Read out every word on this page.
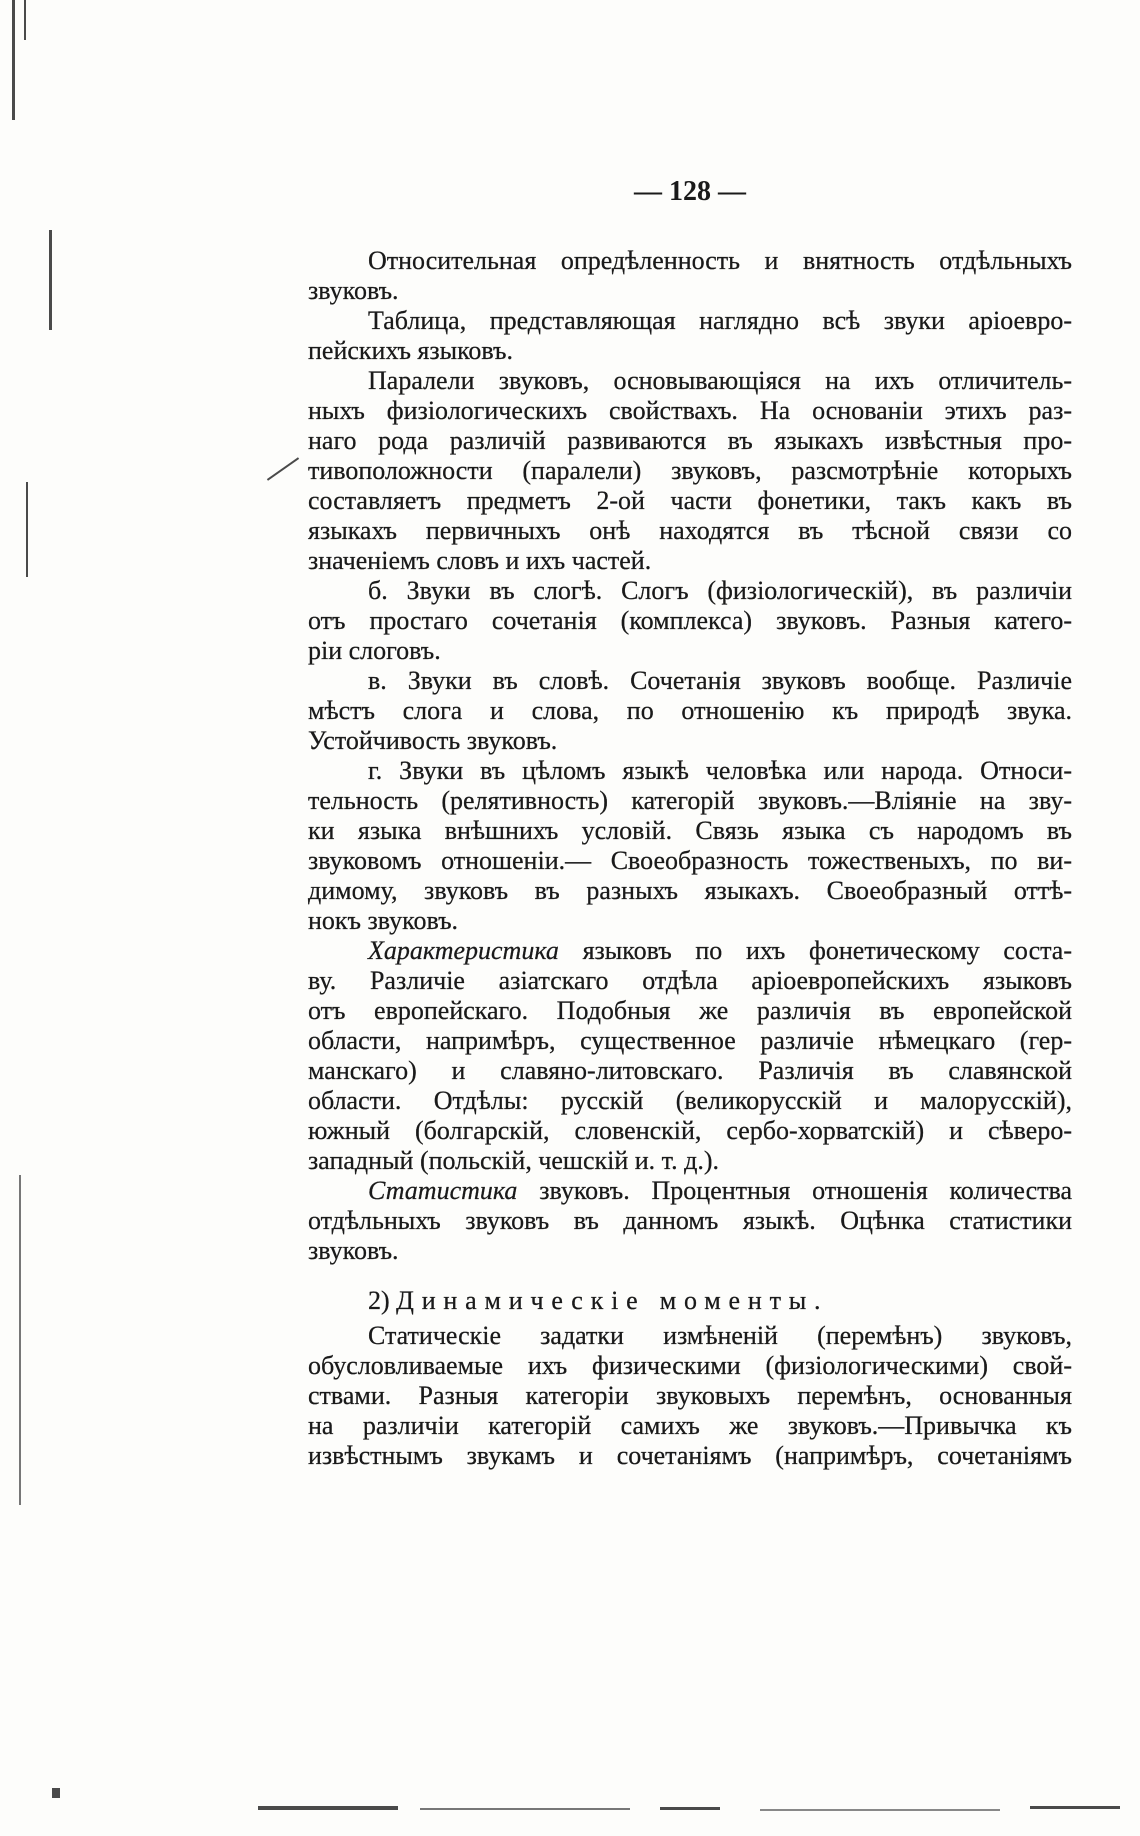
— 128 —
Относительная опредѣленность и внятность отдѣльныхъ
звуковъ.
Таблица, представляющая наглядно всѣ звуки аріоевро-
пейскихъ языковъ.
Паралели звуковъ, основывающіяся на ихъ отличитель-
ныхъ физіологическихъ свойствахъ. На основаніи этихъ раз-
наго рода различій развиваются въ языкахъ извѣстныя про-
тивоположности (паралели) звуковъ, разсмотрѣніе которыхъ
составляетъ предметъ 2-ой части фонетики, такъ какъ въ
языкахъ первичныхъ онѣ находятся въ тѣсной связи со
значеніемъ словъ и ихъ частей.
б. Звуки въ слогѣ. Слогъ (физіологическій), въ различіи
отъ простаго сочетанія (комплекса) звуковъ. Разныя катего-
ріи слоговъ.
в. Звуки въ словѣ. Сочетанія звуковъ вообще. Различіе
мѣстъ слога и слова, по отношенію къ природѣ звука.
Устойчивость звуковъ.
г. Звуки въ цѣломъ языкѣ человѣка или народа. Относи-
тельность (релятивность) категорій звуковъ.—Вліяніе на зву-
ки языка внѣшнихъ условій. Связь языка съ народомъ въ
звуковомъ отношеніи.— Своеобразность тожественыхъ, по ви-
димому, звуковъ въ разныхъ языкахъ. Своеобразный оттѣ-
нокъ звуковъ.
Характеристика языковъ по ихъ фонетическому соста-
ву. Различіе азіатскаго отдѣла аріоевропейскихъ языковъ
отъ европейскаго. Подобныя же различія въ европейской
области, напримѣръ, существенное различіе нѣмецкаго (гер-
манскаго) и славяно-литовскаго. Различія въ славянской
области. Отдѣлы: русскій (великорусскій и малорусскій),
южный (болгарскій, словенскій, сербо-хорватскій) и сѣверо-
западный (польскій, чешскій и. т. д.).
Статистика звуковъ. Процентныя отношенія количества
отдѣльныхъ звуковъ въ данномъ языкѣ. Оцѣнка статистики
звуковъ.
2) Динамическіе моменты.
Статическіе задатки измѣненій (перемѣнъ) звуковъ,
обусловливаемые ихъ физическими (физіологическими) свой-
ствами. Разныя категоріи звуковыхъ перемѣнъ, основанныя
на различіи категорій самихъ же звуковъ.—Привычка къ
извѣстнымъ звукамъ и сочетаніямъ (напримѣръ, сочетаніямъ
